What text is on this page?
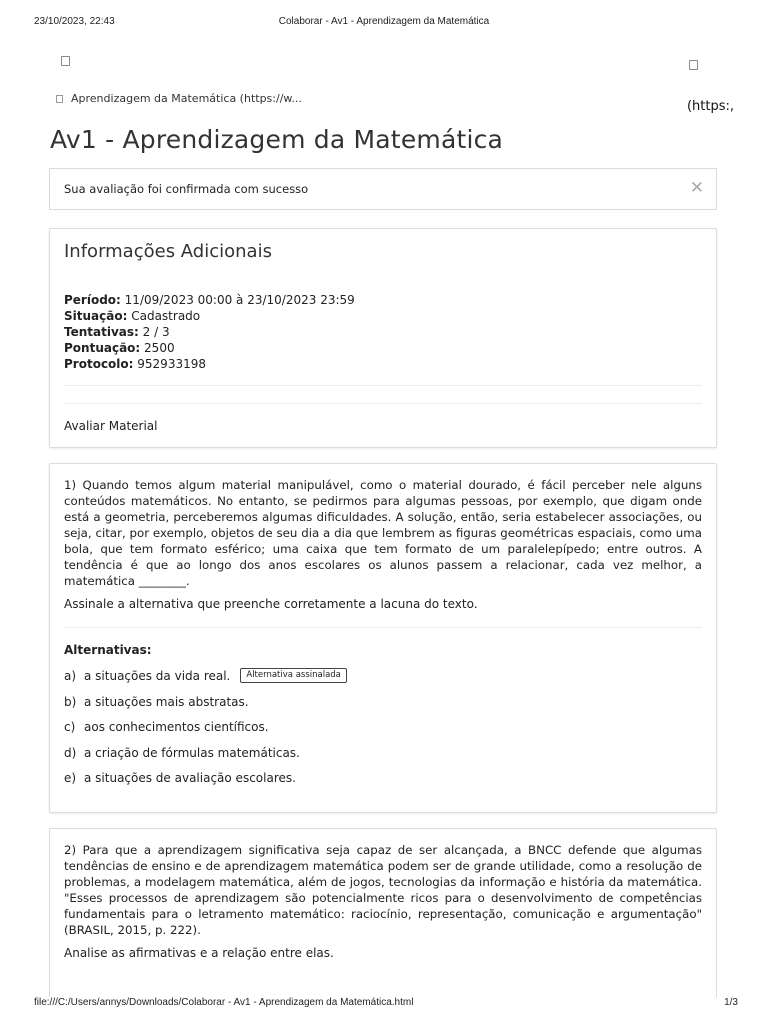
23/10/2023, 22:43	Colaborar - Av1 - Aprendizagem da Matemática
Aprendizagem da Matemática (https://w...
(https:,
Av1 - Aprendizagem da Matemática
Sua avaliação foi confirmada com sucesso	✕
Informações Adicionais
Período: 11/09/2023 00:00 à 23/10/2023 23:59
Situação: Cadastrado
Tentativas: 2 / 3
Pontuação: 2500
Protocolo: 952933198
Avaliar Material
1) Quando temos algum material manipulável, como o material dourado, é fácil perceber nele alguns conteúdos matemáticos. No entanto, se pedirmos para algumas pessoas, por exemplo, que digam onde está a geometria, perceberemos algumas dificuldades. A solução, então, seria estabelecer associações, ou seja, citar, por exemplo, objetos de seu dia a dia que lembrem as figuras geométricas espaciais, como uma bola, que tem formato esférico; uma caixa que tem formato de um paralelepípedo; entre outros. A tendência é que ao longo dos anos escolares os alunos passem a relacionar, cada vez melhor, a matemática ________.
Assinale a alternativa que preenche corretamente a lacuna do texto.
Alternativas:
a) a situações da vida real.	Alternativa assinalada
b) a situações mais abstratas.
c) aos conhecimentos científicos.
d) a criação de fórmulas matemáticas.
e) a situações de avaliação escolares.
2) Para que a aprendizagem significativa seja capaz de ser alcançada, a BNCC defende que algumas tendências de ensino e de aprendizagem matemática podem ser de grande utilidade, como a resolução de problemas, a modelagem matemática, além de jogos, tecnologias da informação e história da matemática. "Esses processos de aprendizagem são potencialmente ricos para o desenvolvimento de competências fundamentais para o letramento matemático: raciocínio, representação, comunicação e argumentação" (BRASIL, 2015, p. 222).
Analise as afirmativas e a relação entre elas.
file:///C:/Users/annys/Downloads/Colaborar - Av1 - Aprendizagem da Matemática.html	1/3
